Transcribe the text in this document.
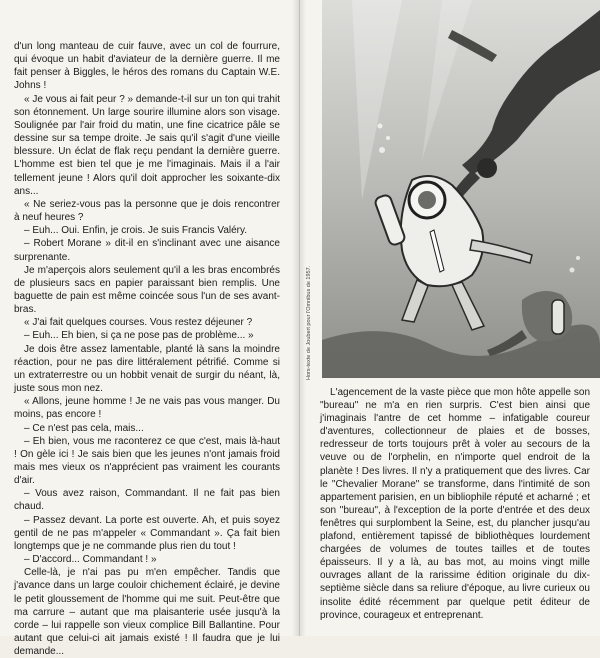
d'un long manteau de cuir fauve, avec un col de fourrure, qui évoque un habit d'aviateur de la dernière guerre. Il me fait penser à Biggles, le héros des romans du Captain W.E. Johns !

« Je vous ai fait peur ? » demande-t-il sur un ton qui trahit son étonnement. Un large sourire illumine alors son visage. Soulignée par l'air froid du matin, une fine cicatrice pâle se dessine sur sa tempe droite. Je sais qu'il s'agit d'une vieille blessure. Un éclat de flak reçu pendant la dernière guerre. L'homme est bien tel que je me l'imaginais. Mais il a l'air tellement jeune ! Alors qu'il doit approcher les soixante-dix ans...

« Ne seriez-vous pas la personne que je dois rencontrer à neuf heures ?

– Euh... Oui. Enfin, je crois. Je suis Francis Valéry.

– Robert Morane » dit-il en s'inclinant avec une aisance surprenante.

Je m'aperçois alors seulement qu'il a les bras encombrés de plusieurs sacs en papier paraissant bien remplis. Une baguette de pain est même coincée sous l'un de ses avant-bras.

« J'ai fait quelques courses. Vous restez déjeuner ?

– Euh... Eh bien, si ça ne pose pas de problème... »

Je dois être assez lamentable, planté là sans la moindre réaction, pour ne pas dire littéralement pétrifié. Comme si un extraterrestre ou un hobbit venait de surgir du néant, là, juste sous mon nez.

« Allons, jeune homme ! Je ne vais pas vous manger. Du moins, pas encore !

– Ce n'est pas cela, mais...

– Eh bien, vous me raconterez ce que c'est, mais là-haut ! On gèle ici ! Je sais bien que les jeunes n'ont jamais froid mais mes vieux os n'apprécient pas vraiment les courants d'air.

– Vous avez raison, Commandant. Il ne fait pas bien chaud.

– Passez devant. La porte est ouverte. Ah, et puis soyez gentil de ne pas m'appeler « Commandant ». Ça fait bien longtemps que je ne commande plus rien du tout !

– D'accord... Commandant ! »

Celle-là, je n'ai pas pu m'en empêcher. Tandis que j'avance dans un large couloir chichement éclairé, je devine le petit gloussement de l'homme qui me suit. Peut-être que ma carrure – autant que ma plaisanterie usée jusqu'à la corde – lui rappelle son vieux complice Bill Ballantine. Pour autant que celui-ci ait jamais existé ! Il faudra que je lui demande...

L'agencement de la vaste pièce que mon hôte appelle son "bureau" ne m'a en rien surpris. C'est bien ainsi que j'imaginais l'antre de cet homme – infatigable coureur d'aventures, collectionneur de plaies et de bosses, redresseur de torts toujours prêt à voler au secours de la veuve ou de l'orphelin, en n'importe quel endroit de la planète ! Des livres. Il n'y a pratiquement que des livres. Car le "Chevalier Morane" se transforme, dans l'intimité de son appartement parisien, en un bibliophile réputé et acharné ; et son "bureau", à l'exception de la porte d'entrée et des deux fenêtres qui surplombent la Seine, est, du plancher jusqu'au plafond, entièrement tapissé de bibliothèques lourdement chargées de volumes de toutes tailles et de toutes épaisseurs. Il y a là, au bas mot, au moins vingt mille ouvrages allant de la rarissime édition originale du dix-septième siècle dans sa reliure d'époque, au livre curieux ou insolite édité récemment par quelque petit éditeur de province, courageux et entreprenant.

Hors-texte de Joubert pour l'Omnibus de 1957.
